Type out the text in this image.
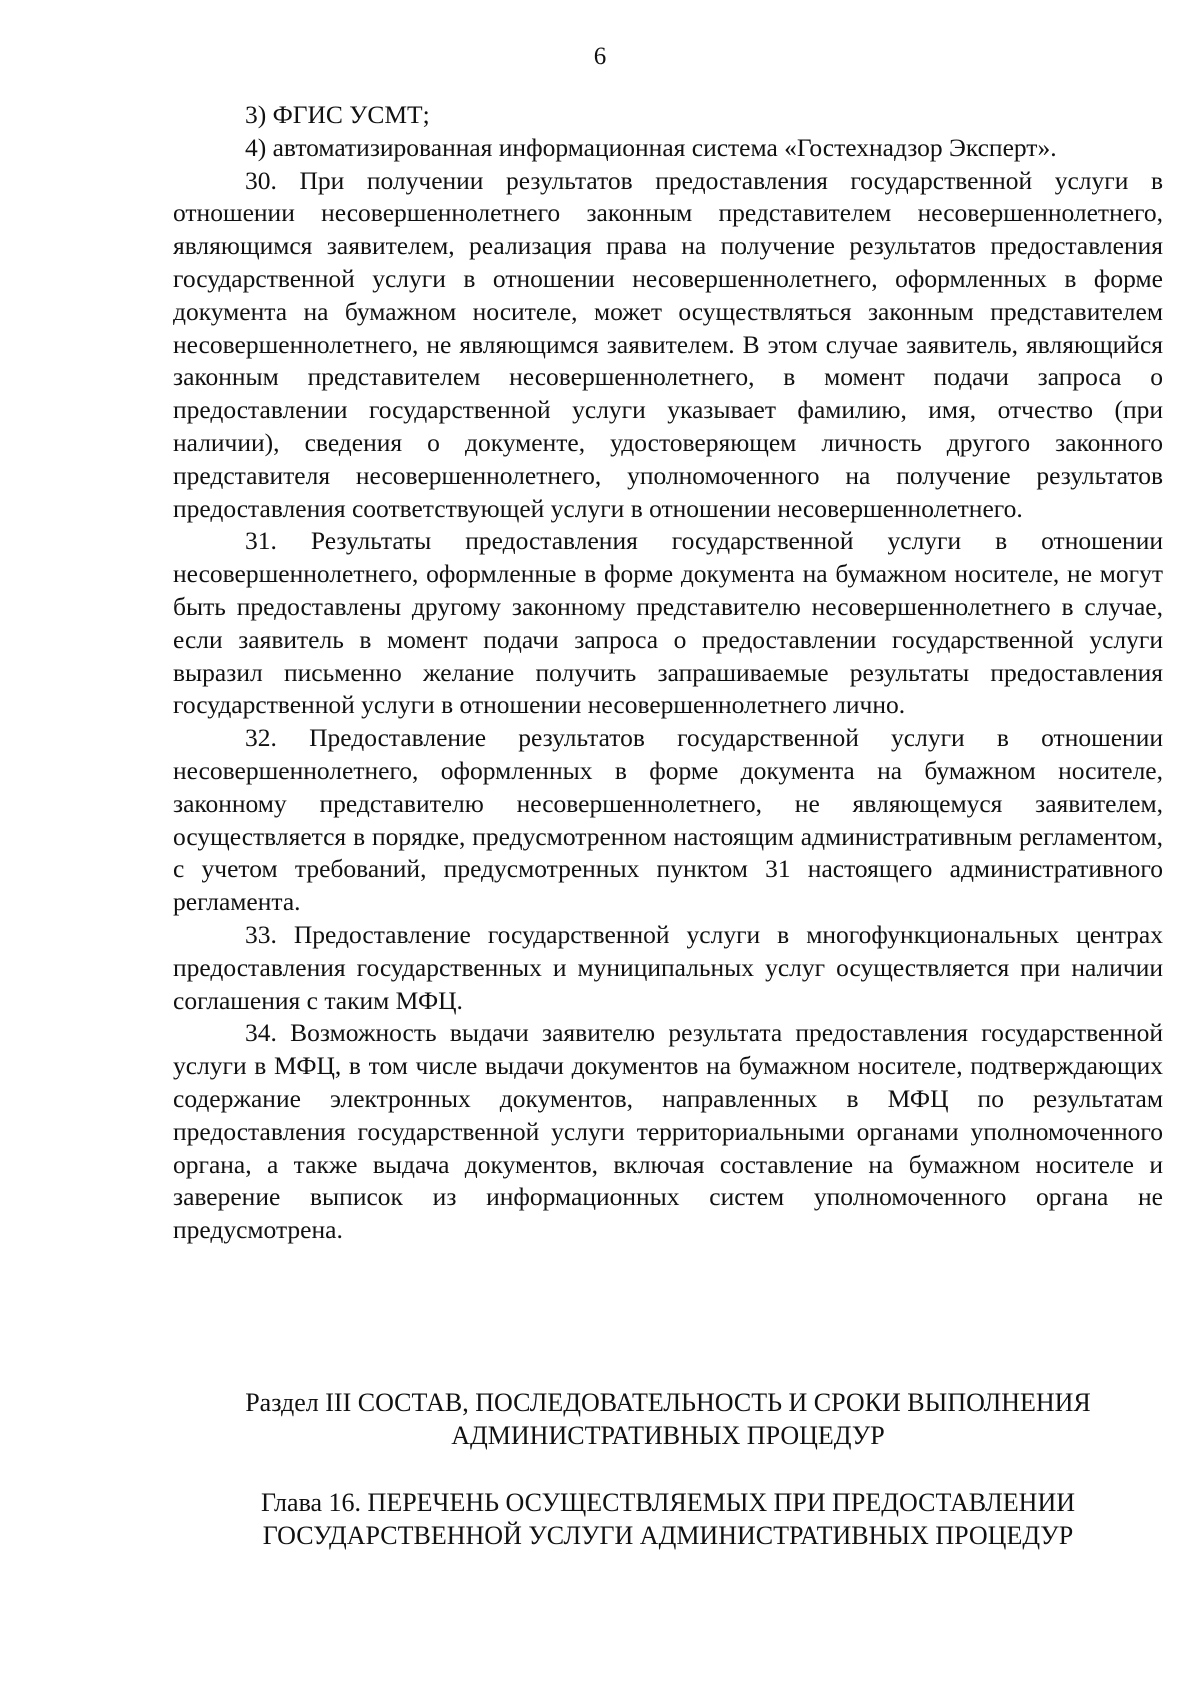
6

3) ФГИС УСМТ;

4) автоматизированная информационная система «Гостехнадзор Эксперт».

30. При получении результатов предоставления государственной услуги в отношении несовершеннолетнего законным представителем несовершеннолетнего, являющимся заявителем, реализация права на получение результатов предоставления государственной услуги в отношении несовершеннолетнего, оформленных в форме документа на бумажном носителе, может осуществляться законным представителем несовершеннолетнего, не являющимся заявителем. В этом случае заявитель, являющийся законным представителем несовершеннолетнего, в момент подачи запроса о предоставлении государственной услуги указывает фамилию, имя, отчество (при наличии), сведения о документе, удостоверяющем личность другого законного представителя несовершеннолетнего, уполномоченного на получение результатов предоставления соответствующей услуги в отношении несовершеннолетнего.

31. Результаты предоставления государственной услуги в отношении несовершеннолетнего, оформленные в форме документа на бумажном носителе, не могут быть предоставлены другому законному представителю несовершеннолетнего в случае, если заявитель в момент подачи запроса о предоставлении государственной услуги выразил письменно желание получить запрашиваемые результаты предоставления государственной услуги в отношении несовершеннолетнего лично.

32. Предоставление результатов государственной услуги в отношении несовершеннолетнего, оформленных в форме документа на бумажном носителе, законному представителю несовершеннолетнего, не являющемуся заявителем, осуществляется в порядке, предусмотренном настоящим административным регламентом, с учетом требований, предусмотренных пунктом 31 настоящего административного регламента.

33. Предоставление государственной услуги в многофункциональных центрах предоставления государственных и муниципальных услуг осуществляется при наличии соглашения с таким МФЦ.

34. Возможность выдачи заявителю результата предоставления государственной услуги в МФЦ, в том числе выдачи документов на бумажном носителе, подтверждающих содержание электронных документов, направленных в МФЦ по результатам предоставления государственной услуги территориальными органами уполномоченного органа, а также выдача документов, включая составление на бумажном носителе и заверение выписок из информационных систем уполномоченного органа не предусмотрена.

Раздел III СОСТАВ, ПОСЛЕДОВАТЕЛЬНОСТЬ И СРОКИ ВЫПОЛНЕНИЯ
АДМИНИСТРАТИВНЫХ ПРОЦЕДУР
Глава 16. ПЕРЕЧЕНЬ ОСУЩЕСТВЛЯЕМЫХ ПРИ ПРЕДОСТАВЛЕНИИ
ГОСУДАРСТВЕННОЙ УСЛУГИ АДМИНИСТРАТИВНЫХ ПРОЦЕДУР
